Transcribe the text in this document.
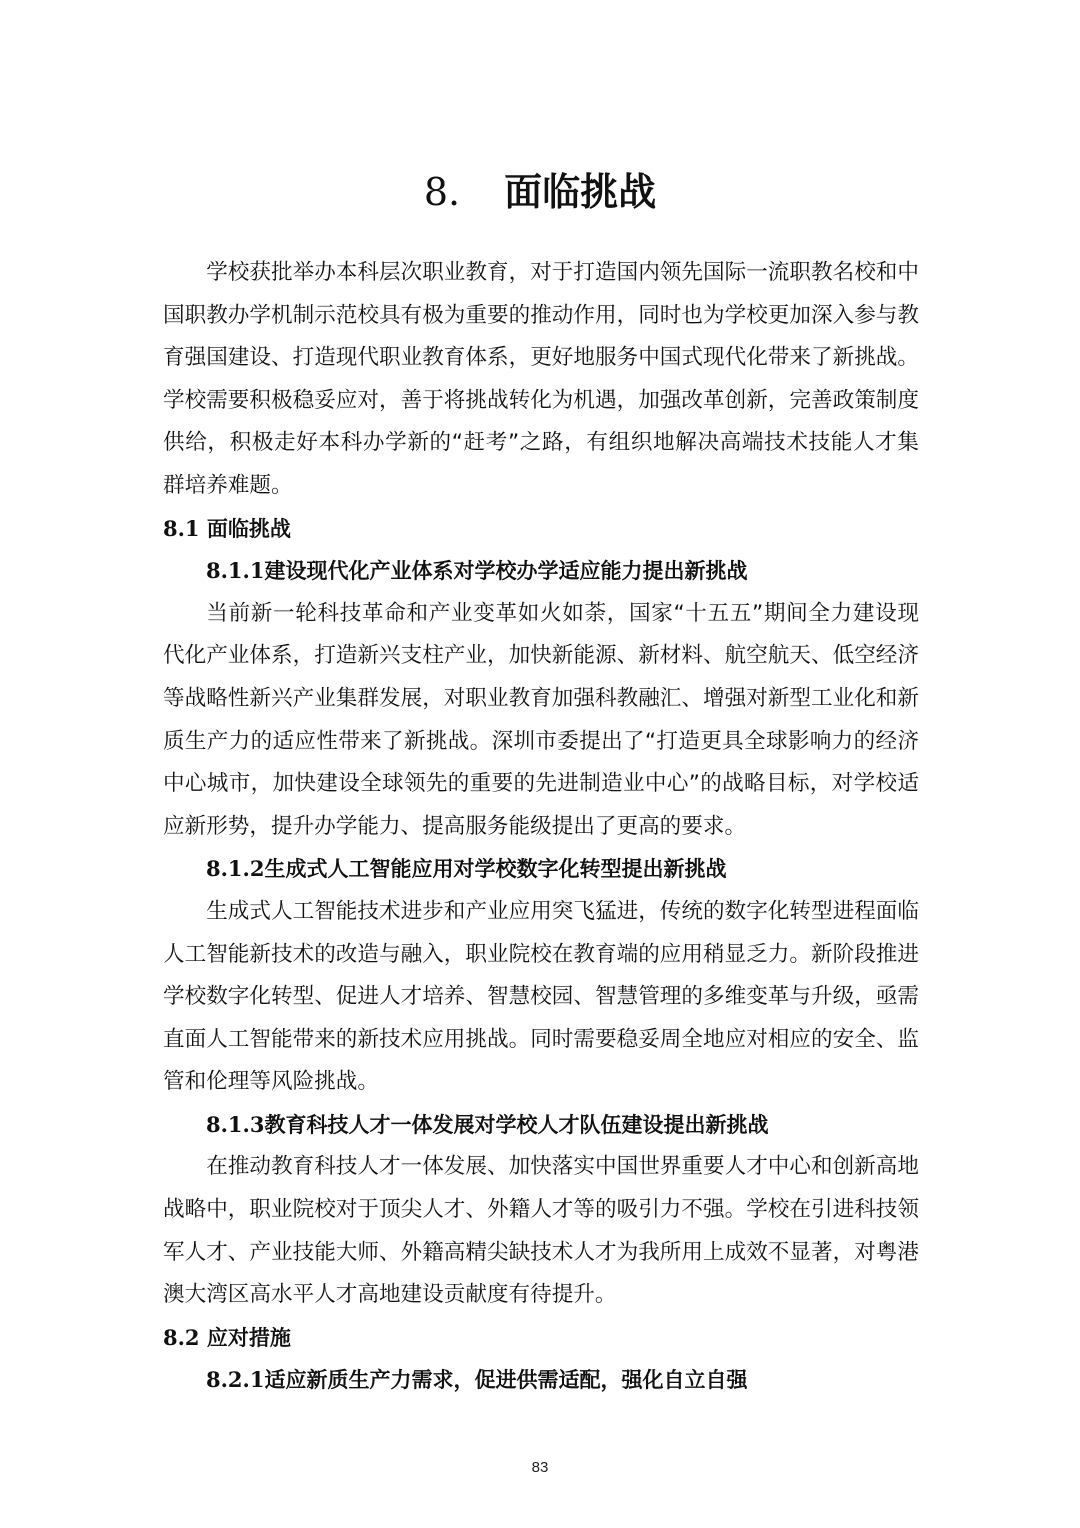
8. 面临挑战

学校获批举办本科层次职业教育，对于打造国内领先国际一流职教名校和中国职教办学机制示范校具有极为重要的推动作用，同时也为学校更加深入参与教育强国建设、打造现代职业教育体系，更好地服务中国式现代化带来了新挑战。学校需要积极稳妥应对，善于将挑战转化为机遇，加强改革创新，完善政策制度供给，积极走好本科办学新的“赶考”之路，有组织地解决高端技术技能人才集群培养难题。

8.1 面临挑战

8.1.1建设现代化产业体系对学校办学适应能力提出新挑战

当前新一轮科技革命和产业变革如火如荼，国家“十五五”期间全力建设现代化产业体系，打造新兴支柱产业，加快新能源、新材料、航空航天、低空经济等战略性新兴产业集群发展，对职业教育加强科教融汇、增强对新型工业化和新质生产力的适应性带来了新挑战。深圳市委提出了“打造更具全球影响力的经济中心城市，加快建设全球领先的重要的先进制造业中心”的战略目标，对学校适应新形势，提升办学能力、提高服务能级提出了更高的要求。

8.1.2生成式人工智能应用对学校数字化转型提出新挑战

生成式人工智能技术进步和产业应用突飞猛进，传统的数字化转型进程面临人工智能新技术的改造与融入，职业院校在教育端的应用稍显乏力。新阶段推进学校数字化转型、促进人才培养、智慧校园、智慧管理的多维变革与升级，亟需直面人工智能带来的新技术应用挑战。同时需要稳妥周全地应对相应的安全、监管和伦理等风险挑战。

8.1.3教育科技人才一体发展对学校人才队伍建设提出新挑战

在推动教育科技人才一体发展、加快落实中国世界重要人才中心和创新高地战略中，职业院校对于顶尖人才、外籍人才等的吸引力不强。学校在引进科技领军人才、产业技能大师、外籍高精尖缺技术人才为我所用上成效不显著，对粤港澳大湾区高水平人才高地建设贡献度有待提升。

8.2 应对措施

8.2.1适应新质生产力需求，促进供需适配，强化自立自强

83
